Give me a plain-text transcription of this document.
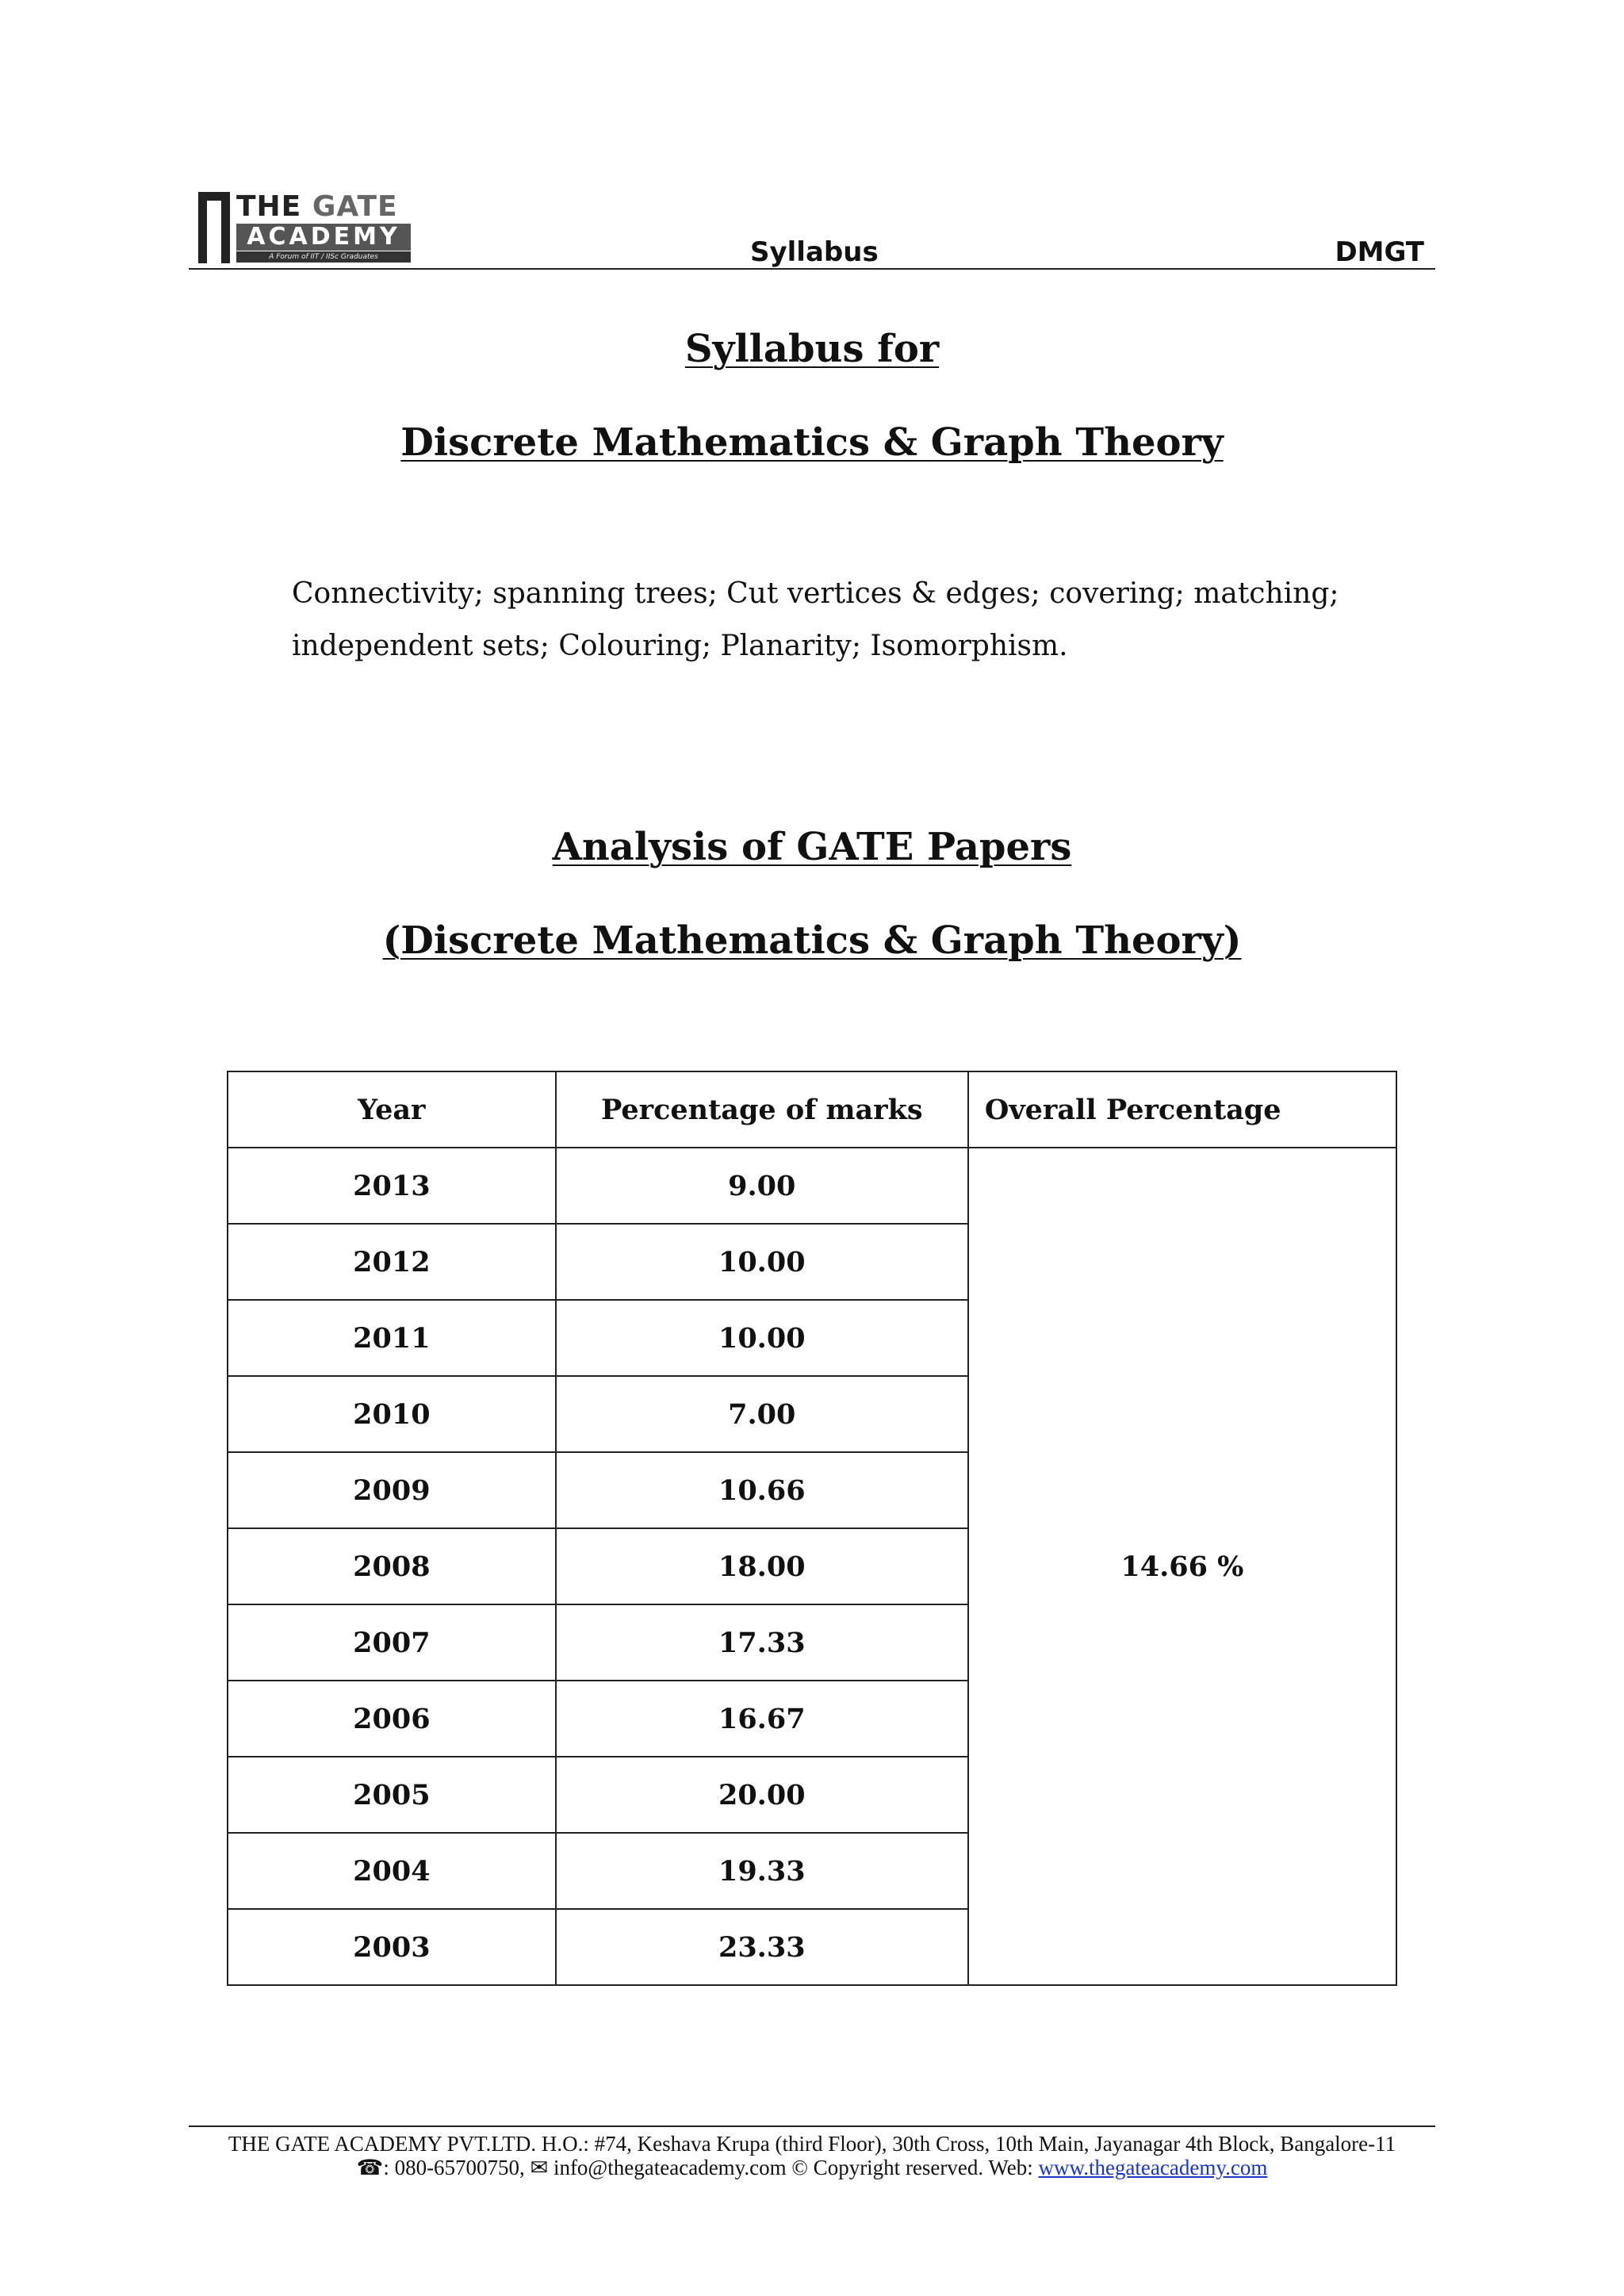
THE GATE
ACADEMY
A Forum of IIT / IISc Graduates	Syllabus	DMGT
Syllabus for
Discrete Mathematics & Graph Theory
Connectivity; spanning trees; Cut vertices & edges; covering; matching; independent sets; Colouring; Planarity; Isomorphism.
Analysis of GATE Papers
(Discrete Mathematics & Graph Theory)
Year	Percentage of marks	Overall Percentage
2013	9.00	14.66 %
2012	10.00	
2011	10.00	
2010	7.00	
2009	10.66	
2008	18.00	
2007	17.33	
2006	16.67	
2005	20.00	
2004	19.33	
2003	23.33	
THE GATE ACADEMY PVT.LTD. H.O.: #74, Keshava Krupa (third Floor), 30th Cross, 10th Main, Jayanagar 4th Block, Bangalore-11
☎: 080-65700750, ✉ info@thegateacademy.com © Copyright reserved. Web: www.thegateacademy.com
